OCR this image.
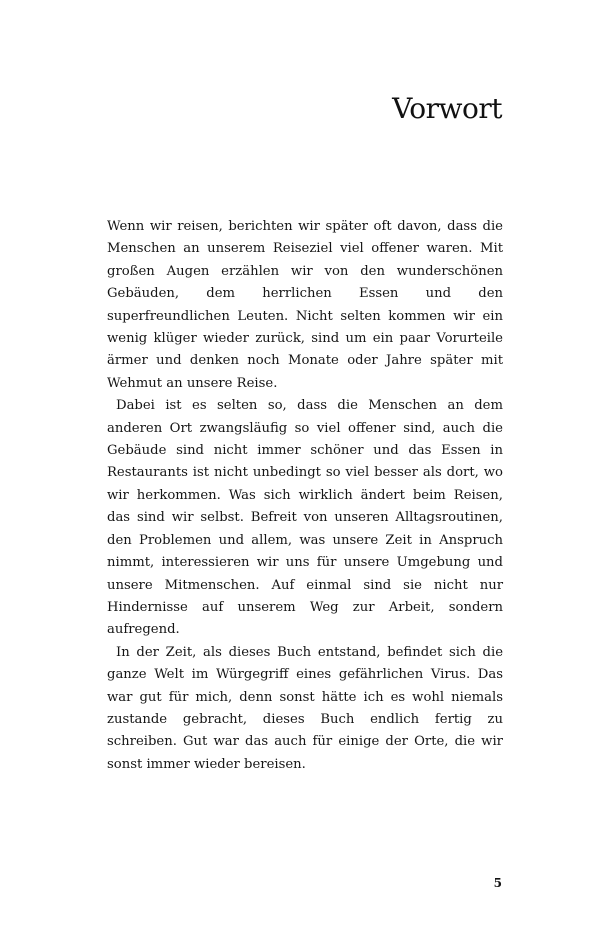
Vorwort

Wenn wir reisen, berichten wir später oft davon, dass die Menschen an unserem Reiseziel viel offener waren. Mit großen Augen erzählen wir von den wunderschönen Gebäuden, dem herrlichen Essen und den superfreundlichen Leuten. Nicht selten kommen wir ein wenig klüger wieder zurück, sind um ein paar Vorurteile ärmer und denken noch Monate oder Jahre später mit Wehmut an unsere Reise.

Dabei ist es selten so, dass die Menschen an dem anderen Ort zwangsläufig so viel offener sind, auch die Gebäude sind nicht immer schöner und das Essen in Restaurants ist nicht unbedingt so viel besser als dort, wo wir herkommen. Was sich wirklich ändert beim Reisen, das sind wir selbst. Befreit von unseren Alltagsroutinen, den Problemen und allem, was unsere Zeit in Anspruch nimmt, interessieren wir uns für unsere Umgebung und unsere Mitmenschen. Auf einmal sind sie nicht nur Hindernisse auf unserem Weg zur Arbeit, sondern aufregend.

In der Zeit, als dieses Buch entstand, befindet sich die ganze Welt im Würgegriff eines gefährlichen Virus. Das war gut für mich, denn sonst hätte ich es wohl niemals zustande gebracht, dieses Buch endlich fertig zu schreiben. Gut war das auch für einige der Orte, die wir sonst immer wieder bereisen.

5
